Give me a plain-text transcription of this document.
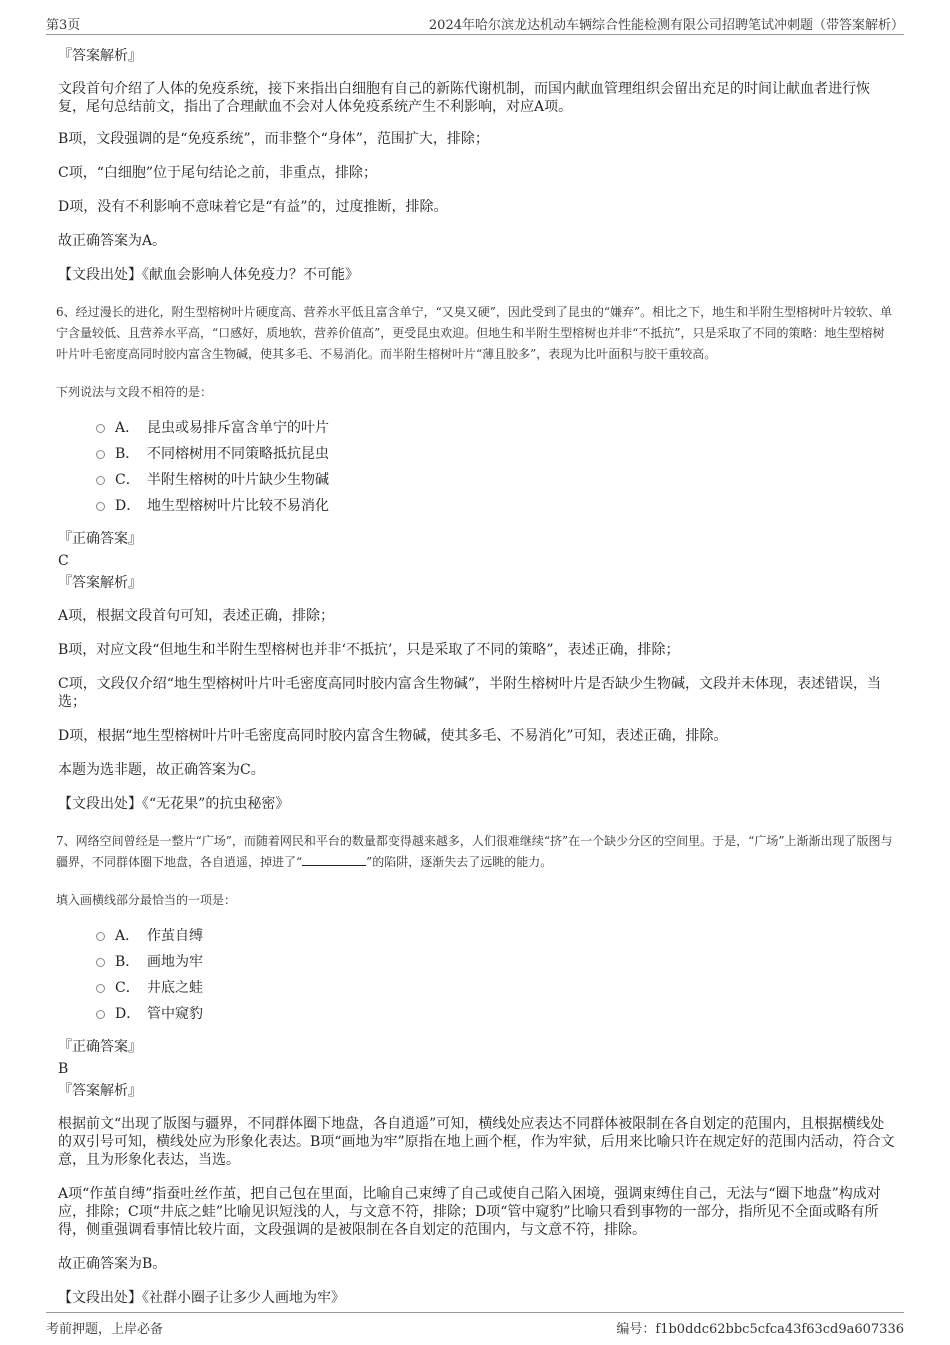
第3页	2024年哈尔滨龙达机动车辆综合性能检测有限公司招聘笔试冲刺题（带答案解析）
『答案解析』
文段首句介绍了人体的免疫系统，接下来指出白细胞有自己的新陈代谢机制，而国内献血管理组织会留出充足的时间让献血者进行恢复，尾句总结前文，指出了合理献血不会对人体免疫系统产生不利影响，对应A项。
B项，文段强调的是“免疫系统”，而非整个“身体”，范围扩大，排除；
C项，“白细胞”位于尾句结论之前，非重点，排除；
D项，没有不利影响不意味着它是“有益”的，过度推断，排除。
故正确答案为A。
【文段出处】《献血会影响人体免疫力？不可能》
6、经过漫长的进化，附生型榕树叶片硬度高、营养水平低且富含单宁，“又臭又硬”，因此受到了昆虫的“嫌弃”。相比之下，地生和半附生型榕树叶片较软、单宁含量较低、且营养水平高，“口感好，质地软，营养价值高”，更受昆虫欢迎。但地生和半附生型榕树也并非“不抵抗”，只是采取了不同的策略：地生型榕树叶片叶毛密度高同时胶内富含生物碱，使其多毛、不易消化。而半附生榕树叶片“薄且胶多”，表现为比叶面积与胶干重较高。
下列说法与文段不相符的是：
A． 昆虫或易排斥富含单宁的叶片
B． 不同榕树用不同策略抵抗昆虫
C． 半附生榕树的叶片缺少生物碱
D． 地生型榕树叶片比较不易消化
『正确答案』
C
『答案解析』
A项，根据文段首句可知，表述正确，排除；
B项，对应文段“但地生和半附生型榕树也并非‘不抵抗’，只是采取了不同的策略”，表述正确，排除；
C项，文段仅介绍“地生型榕树叶片叶毛密度高同时胶内富含生物碱”，半附生榕树叶片是否缺少生物碱，文段并未体现，表述错误，当选；
D项，根据“地生型榕树叶片叶毛密度高同时胶内富含生物碱，使其多毛、不易消化”可知，表述正确，排除。
本题为选非题，故正确答案为C。
【文段出处】《“无花果”的抗虫秘密》
7、网络空间曾经是一整片“广场”，而随着网民和平台的数量都变得越来越多，人们很难继续“挤”在一个缺少分区的空间里。于是，“广场”上渐渐出现了版图与疆界，不同群体圈下地盘，各自逍遥，掉进了“	”的陷阱，逐渐失去了远眺的能力。
填入画横线部分最恰当的一项是：
A． 作茧自缚
B． 画地为牢
C． 井底之蛙
D． 管中窥豹
『正确答案』
B
『答案解析』
根据前文“出现了版图与疆界，不同群体圈下地盘，各自逍遥”可知，横线处应表达不同群体被限制在各自划定的范围内，且根据横线处的双引号可知，横线处应为形象化表达。B项“画地为牢”原指在地上画个框，作为牢狱，后用来比喻只许在规定好的范围内活动，符合文意，且为形象化表达，当选。
A项“作茧自缚”指蚕吐丝作茧，把自己包在里面，比喻自己束缚了自己或使自己陷入困境，强调束缚住自己，无法与“圈下地盘”构成对应，排除；C项“井底之蛙”比喻见识短浅的人，与文意不符，排除；D项“管中窥豹”比喻只看到事物的一部分，指所见不全面或略有所得，侧重强调看事情比较片面，文段强调的是被限制在各自划定的范围内，与文意不符，排除。
故正确答案为B。
【文段出处】《社群小圈子让多少人画地为牢》
考前押题，上岸必备	编号：f1b0ddc62bbc5cfca43f63cd9a607336
